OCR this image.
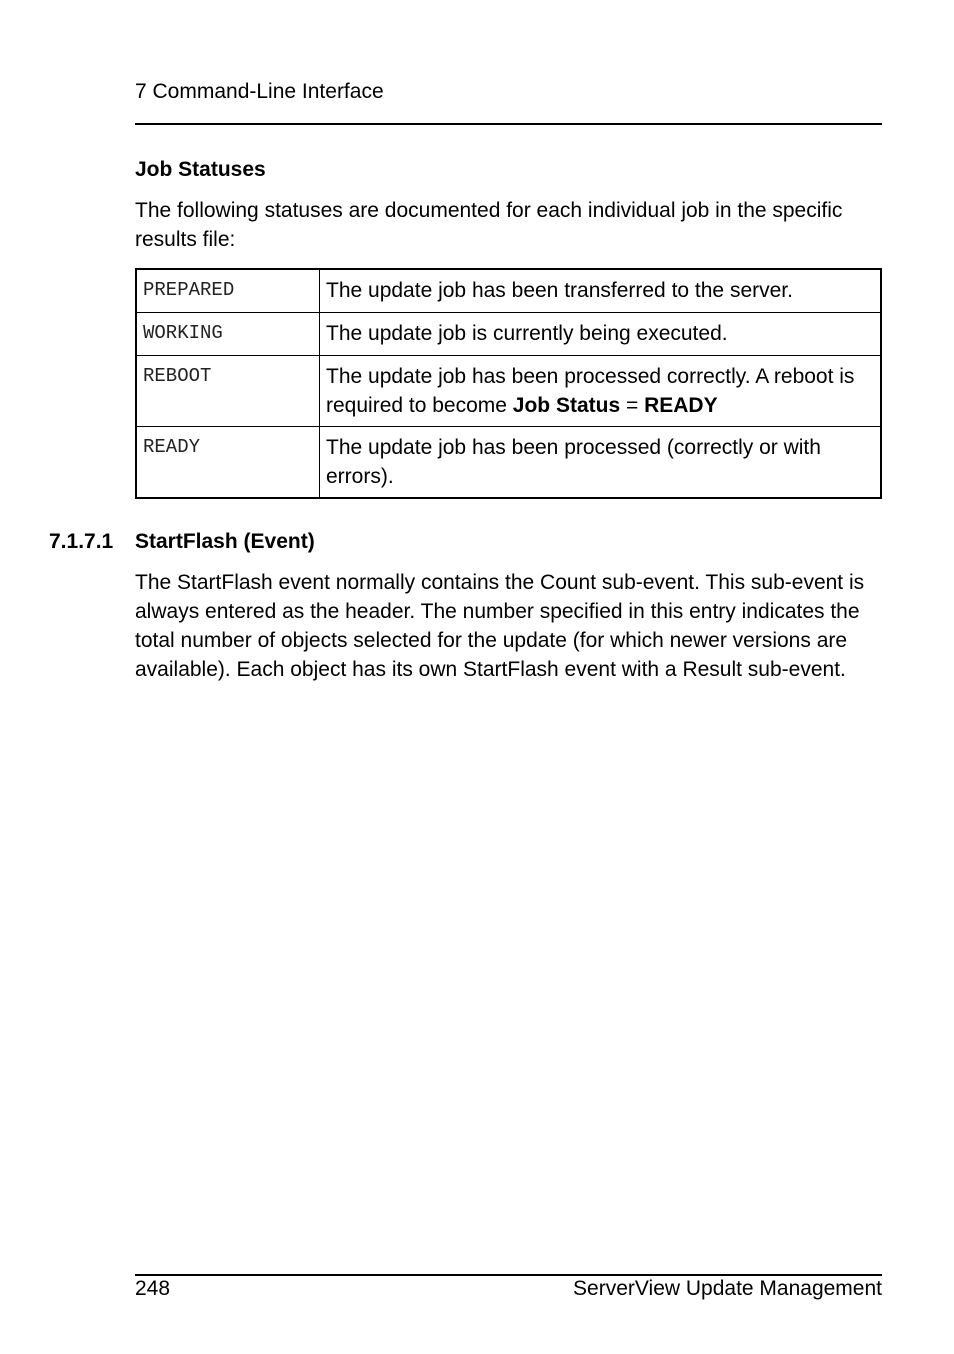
7 Command-Line Interface
Job Statuses
The following statuses are documented for each individual job in the specific results file:
PREPARED	The update job has been transferred to the server.
WORKING	The update job is currently being executed.
REBOOT	The update job has been processed correctly. A reboot is required to become Job Status = READY
READY	The update job has been processed (correctly or with errors).
7.1.7.1 StartFlash (Event)
The StartFlash event normally contains the Count sub-event. This sub-event is always entered as the header. The number specified in this entry indicates the total number of objects selected for the update (for which newer versions are available). Each object has its own StartFlash event with a Result sub-event.
248	ServerView Update Management
